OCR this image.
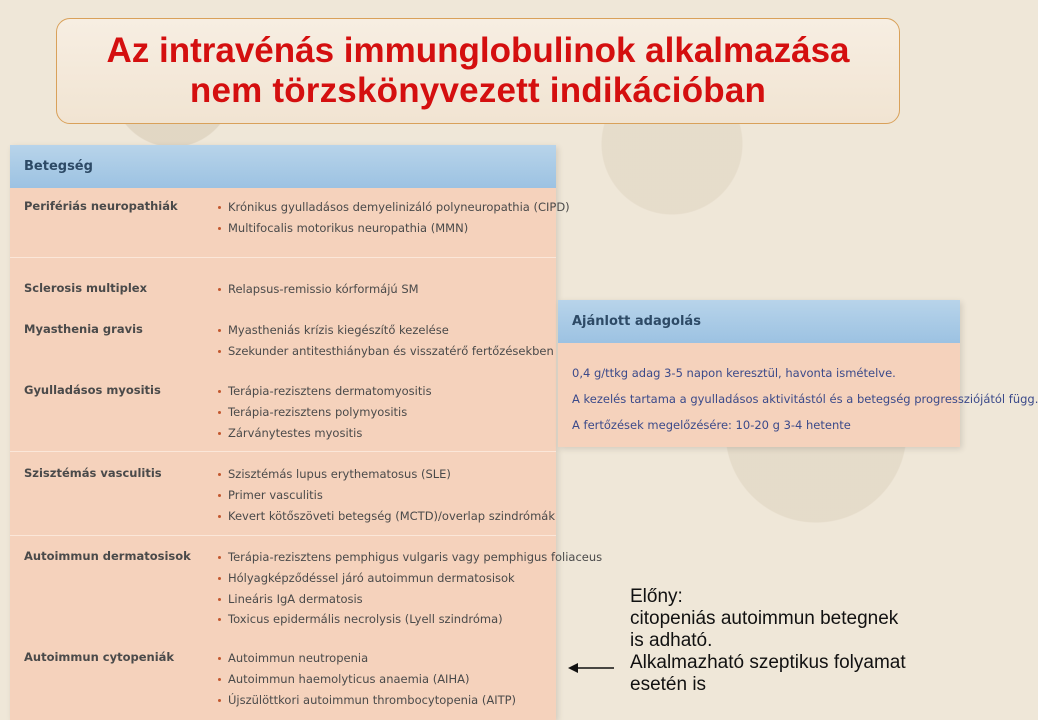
Az intravénás immunglobulinok alkalmazása
nem törzskönyvezett indikációban
Betegség
Perifériás neuropathiák	Krónikus gyulladásos demyelinizáló polyneuropathia (CIPD)
Multifocalis motorikus neuropathia (MMN)
Sclerosis multiplex	Relapsus-remissio kórformájú SM
Myasthenia gravis	Myastheniás krízis kiegészítő kezelése
Szekunder antitesthiányban és visszatérő fertőzésekben
Gyulladásos myositis	Terápia-rezisztens dermatomyositis
Terápia-rezisztens polymyositis
Zárványtestes myositis
Szisztémás vasculitis	Szisztémás lupus erythematosus (SLE)
Primer vasculitis
Kevert kötőszöveti betegség (MCTD)/overlap szindrómák
Autoimmun dermatosisok	Terápia-rezisztens pemphigus vulgaris vagy pemphigus foliaceus
Hólyagképződéssel járó autoimmun dermatosisok
Lineáris IgA dermatosis
Toxicus epidermális necrolysis (Lyell szindróma)
Autoimmun cytopeniák	Autoimmun neutropenia
Autoimmun haemolyticus anaemia (AIHA)
Újszülöttkori autoimmun thrombocytopenia (AITP)
Ajánlott adagolás
0,4 g/ttkg adag 3-5 napon keresztül, havonta ismételve.
A kezelés tartama a gyulladásos aktivitástól és a betegség progressziójától függ.
A fertőzések megelőzésére: 10-20 g 3-4 hetente
Előny:
citopeniás autoimmun betegnek
is adható.
Alkalmazható szeptikus folyamat
esetén is
